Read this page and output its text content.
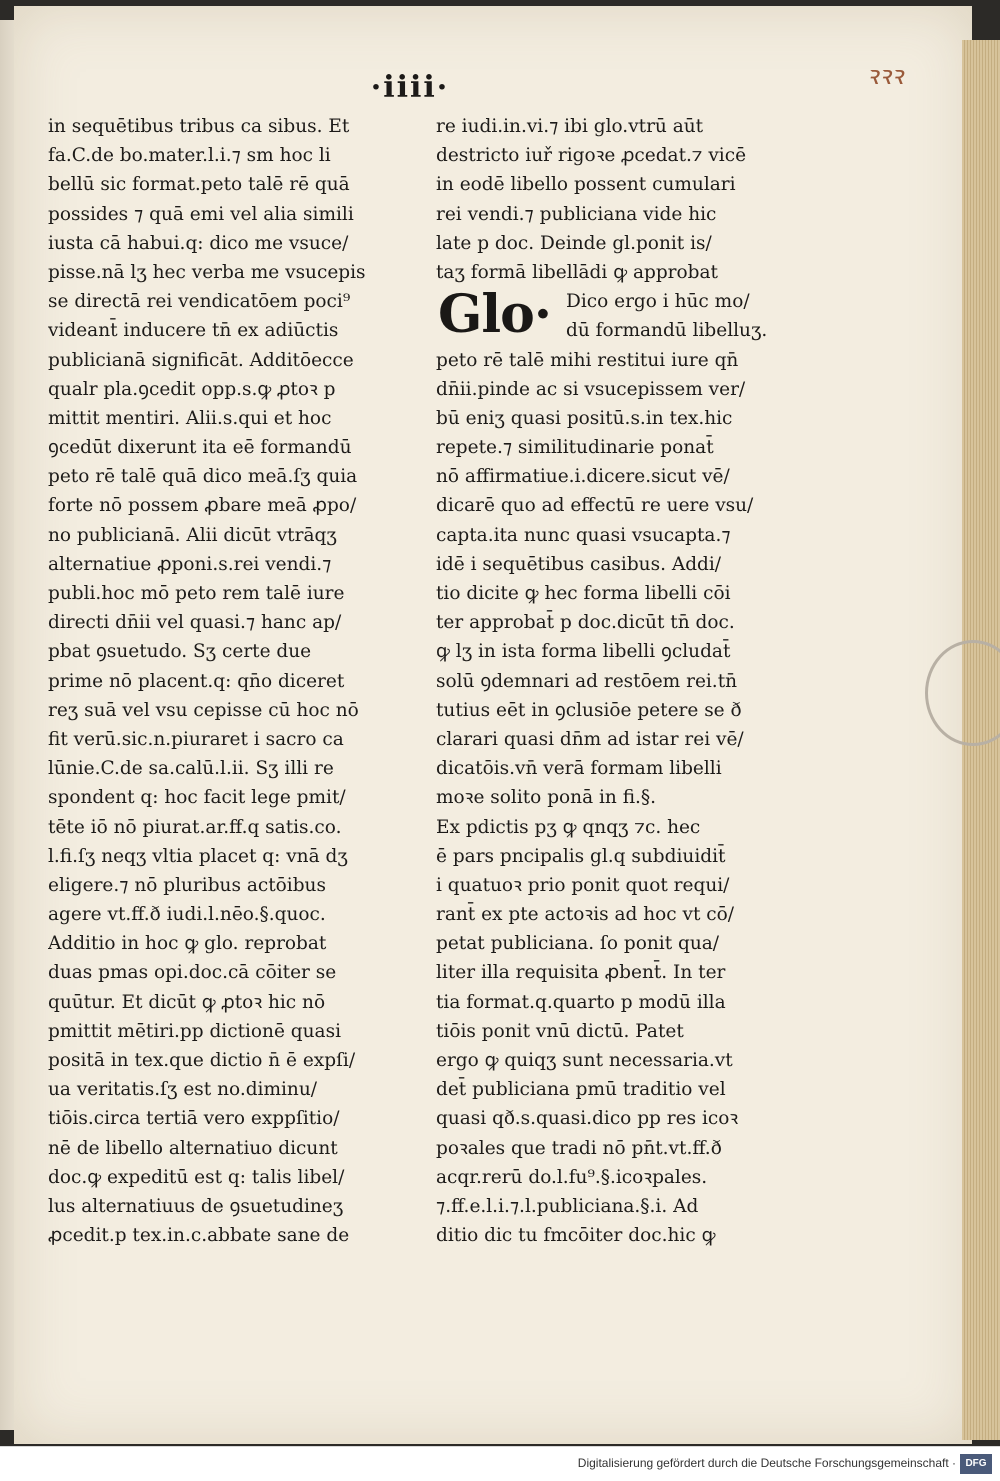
·iiii·	ꝛꝛꝛ
in sequētibus tribus ca sibus. Et
fa.C.de bo.mater.l.i.⁊ sm hoc li
bellū sic format.peto talē rē quā
possides ⁊ quā emi vel alia simili
iusta cā habui.q: dico me vsuce/
pisse.nā lʒ hec verba me vsucepis
se directā rei vendicatōem poci⁹
videant̄ inducere tn̄ ex adiūctis
publicianā significāt. Additōecce
qualr pla.ꝯcedit opp.s.ꝙ ꝓtoꝛ p
mittit mentiri. Alii.s.qui et hoc
ꝯcedūt dixerunt ita eē formandū
peto rē talē quā dico meā.ſʒ quia
forte nō possem ꝓbare meā ꝓpo/
no publicianā. Alii dicūt vtrāqʒ
alternatiue ꝓponi.s.rei vendi.⁊
publi.hoc mō peto rem talē iure
directi dn̄ii vel quasi.⁊ hanc ap/
pbat ꝯsuetudo. Sʒ certe due
prime nō placent.q: qn̄o diceret
reʒ suā vel vsu cepisse cū hoc nō
fit verū.sic.n.piuraret i sacro ca
lūnie.C.de sa.calū.l.ii. Sʒ illi re
spondent q: hoc facit lege pmit/
tēte iō nō piurat.ar.ff.q satis.co.
l.fi.ſʒ neqʒ vltia placet q: vnā dʒ
eligere.⁊ nō pluribus actōibus
agere vt.ff.ð iudi.l.nēo.§.quoc.
Additio in hoc ꝙ glo. reprobat
duas pmas opi.doc.cā cōiter se
quūtur. Et dicūt ꝙ ꝓtoꝛ hic nō
pmittit mētiri.pp dictionē quasi
positā in tex.que dictio n̄ ē expſi/
ua veritatis.ſʒ est no.diminu/
tiōis.circa tertiā vero exppſitio/
nē de libello alternatiuo dicunt
doc.ꝙ expeditū est q: talis libel/
lus alternatiuus de ꝯsuetudineʒ
ꝓcedit.p tex.in.c.abbate sane de
Glo·
re iudi.in.vi.⁊ ibi glo.vtrū aūt
destricto iuř rigoꝛe ꝓcedat.⁊ vicē
in eodē libello possent cumulari
rei vendi.⁊ publiciana vide hic
late p doc. Deinde gl.ponit is/
taʒ formā libellādi ꝙ approbat
Dico ergo i hūc mo/
dū formandū libelluʒ.
peto rē talē mihi restitui iure qn̄
dn̄ii.pinde ac si vsucepissem ver/
bū eniʒ quasi positū.s.in tex.hic
repete.⁊ similitudinarie ponat̄
nō affirmatiue.i.dicere.sicut vē/
dicarē quo ad effectū re uere vsu/
capta.ita nunc quasi vsucapta.⁊
idē i sequētibus casibus. Addi/
tio dicite ꝙ hec forma libelli cōi
ter approbat̄ p doc.dicūt tn̄ doc.
ꝙ lʒ in ista forma libelli ꝯcludat̄
solū ꝯdemnari ad restōem rei.tn̄
tutius eēt in ꝯclusiōe petere se ð
clarari quasi dn̄m ad istar rei vē/
dicatōis.vn̄ verā formam libelli
moꝛe solito ponā in fi.§.
Ex pdictis pʒ ꝙ qnqʒ ⁊c. hec
ē pars pncipalis gl.q subdiuidit̄
i quatuoꝛ prio ponit quot requi/
rant̄ ex pte actoꝛis ad hoc vt cō/
petat publiciana. ſo ponit qua/
liter illa requisita ꝓbent̄. In ter
tia format.q.quarto p modū illa
tiōis ponit vnū dictū. Patet
ergo ꝙ quiqʒ sunt necessaria.vt
det̄ publiciana pmū traditio vel
quasi qð.s.quasi.dico pp res icoꝛ
poꝛales que tradi nō pn̄t.vt.ff.ð
acqr.rerū do.l.fu⁹.§.icoꝛpales.
⁊.ff.e.l.i.⁊.l.publiciana.§.i. Ad
ditio dic tu fmcōiter doc.hic ꝙ
Digitalisierung gefördert durch die Deutsche Forschungsgemeinschaft · DFG
